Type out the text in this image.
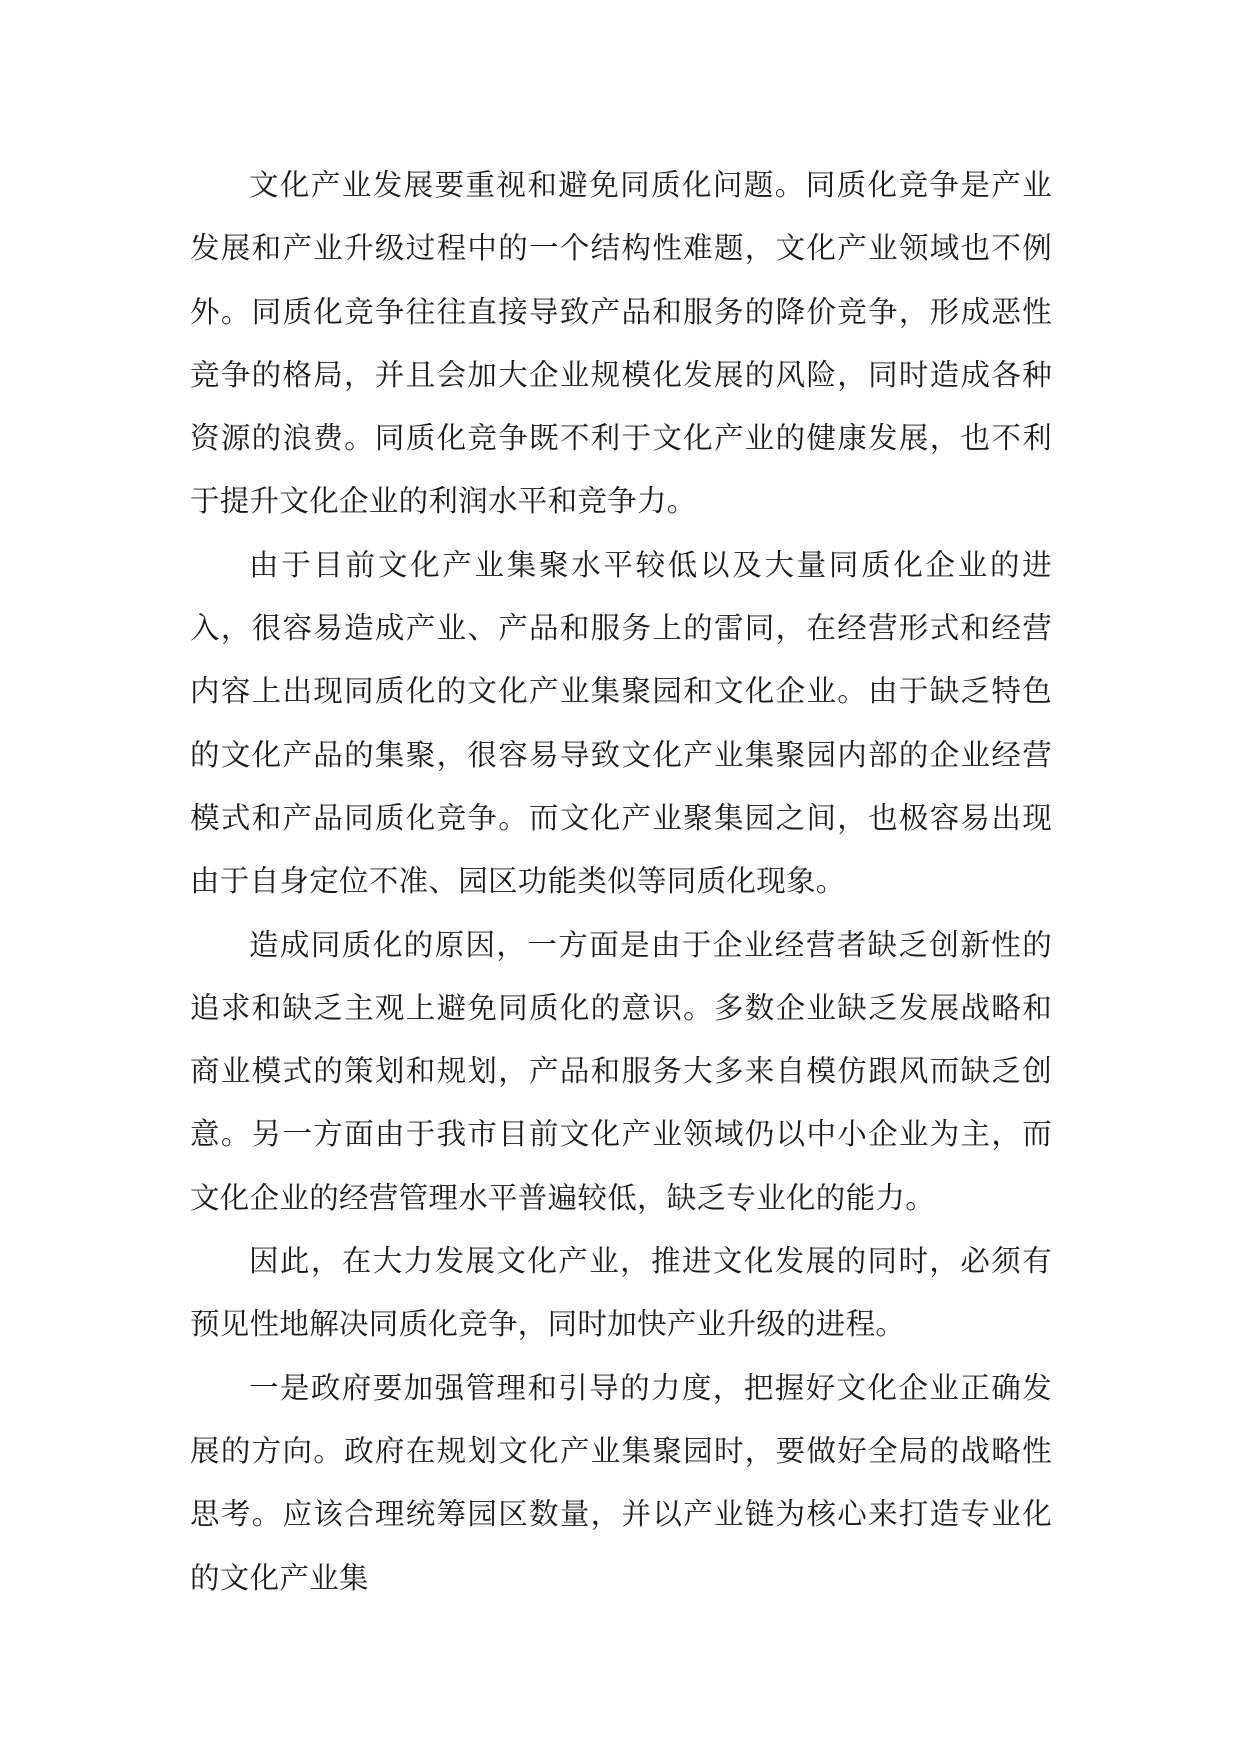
文化产业发展要重视和避免同质化问题。同质化竞争是产业发展和产业升级过程中的一个结构性难题，文化产业领域也不例外。同质化竞争往往直接导致产品和服务的降价竞争，形成恶性竞争的格局，并且会加大企业规模化发展的风险，同时造成各种资源的浪费。同质化竞争既不利于文化产业的健康发展，也不利于提升文化企业的利润水平和竞争力。

由于目前文化产业集聚水平较低以及大量同质化企业的进入，很容易造成产业、产品和服务上的雷同，在经营形式和经营内容上出现同质化的文化产业集聚园和文化企业。由于缺乏特色的文化产品的集聚，很容易导致文化产业集聚园内部的企业经营模式和产品同质化竞争。而文化产业聚集园之间，也极容易出现由于自身定位不准、园区功能类似等同质化现象。

造成同质化的原因，一方面是由于企业经营者缺乏创新性的追求和缺乏主观上避免同质化的意识。多数企业缺乏发展战略和商业模式的策划和规划，产品和服务大多来自模仿跟风而缺乏创意。另一方面由于我市目前文化产业领域仍以中小企业为主，而文化企业的经营管理水平普遍较低，缺乏专业化的能力。

因此，在大力发展文化产业，推进文化发展的同时，必须有预见性地解决同质化竞争，同时加快产业升级的进程。

一是政府要加强管理和引导的力度，把握好文化企业正确发展的方向。政府在规划文化产业集聚园时，要做好全局的战略性思考。应该合理统筹园区数量，并以产业链为核心来打造专业化的文化产业集
